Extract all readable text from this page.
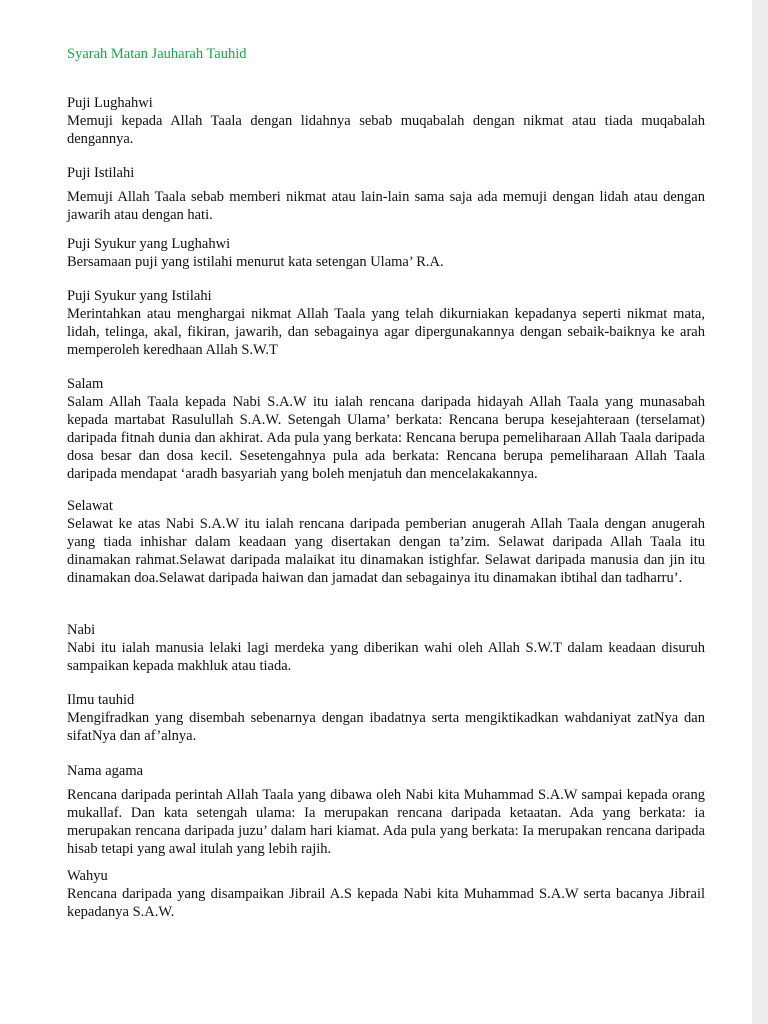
Syarah Matan Jauharah Tauhid

Puji Lughahwi

Memuji kepada Allah Taala dengan lidahnya sebab muqabalah dengan nikmat atau tiada muqabalah dengannya.

Puji Istilahi

Memuji Allah Taala sebab memberi nikmat atau lain-lain sama saja ada memuji dengan lidah atau dengan jawarih atau dengan hati.

Puji Syukur yang Lughahwi

Bersamaan puji yang istilahi menurut kata setengan Ulama’ R.A.

Puji Syukur yang Istilahi

Merintahkan atau menghargai nikmat Allah Taala yang telah dikurniakan kepadanya seperti nikmat mata, lidah, telinga, akal, fikiran, jawarih, dan sebagainya agar dipergunakannya dengan sebaik-baiknya ke arah memperoleh keredhaan Allah S.W.T

Salam

Salam Allah Taala kepada Nabi S.A.W itu ialah rencana daripada hidayah Allah Taala yang munasabah kepada martabat Rasulullah S.A.W. Setengah Ulama’ berkata: Rencana berupa kesejahteraan (terselamat) daripada fitnah dunia dan akhirat. Ada pula yang berkata: Rencana berupa pemeliharaan Allah Taala daripada dosa besar dan dosa kecil. Sesetengahnya pula ada berkata: Rencana berupa pemeliharaan Allah Taala daripada mendapat ‘aradh basyariah yang boleh menjatuh dan mencelakakannya.

Selawat

Selawat ke atas Nabi S.A.W itu ialah rencana daripada pemberian anugerah Allah Taala dengan anugerah yang tiada inhishar dalam keadaan yang disertakan dengan ta’zim. Selawat daripada Allah Taala itu dinamakan rahmat.Selawat daripada malaikat itu dinamakan istighfar. Selawat daripada manusia dan jin itu dinamakan doa.Selawat daripada haiwan dan jamadat dan sebagainya itu dinamakan ibtihal dan tadharru’.

Nabi

Nabi itu ialah manusia lelaki lagi merdeka yang diberikan wahi oleh Allah S.W.T dalam keadaan disuruh sampaikan kepada makhluk atau tiada.

Ilmu tauhid

Mengifradkan yang disembah sebenarnya dengan ibadatnya serta mengiktikadkan wahdaniyat zatNya dan sifatNya dan af’alnya.

Nama agama

Rencana daripada perintah Allah Taala yang dibawa oleh Nabi kita Muhammad S.A.W sampai kepada orang mukallaf. Dan kata setengah ulama: Ia merupakan rencana daripada ketaatan. Ada yang berkata: ia merupakan rencana daripada juzu’ dalam hari kiamat. Ada pula yang berkata: Ia merupakan rencana daripada hisab tetapi yang awal itulah yang lebih rajih.

Wahyu

Rencana daripada yang disampaikan Jibrail A.S kepada Nabi kita Muhammad S.A.W serta bacanya Jibrail kepadanya S.A.W.
